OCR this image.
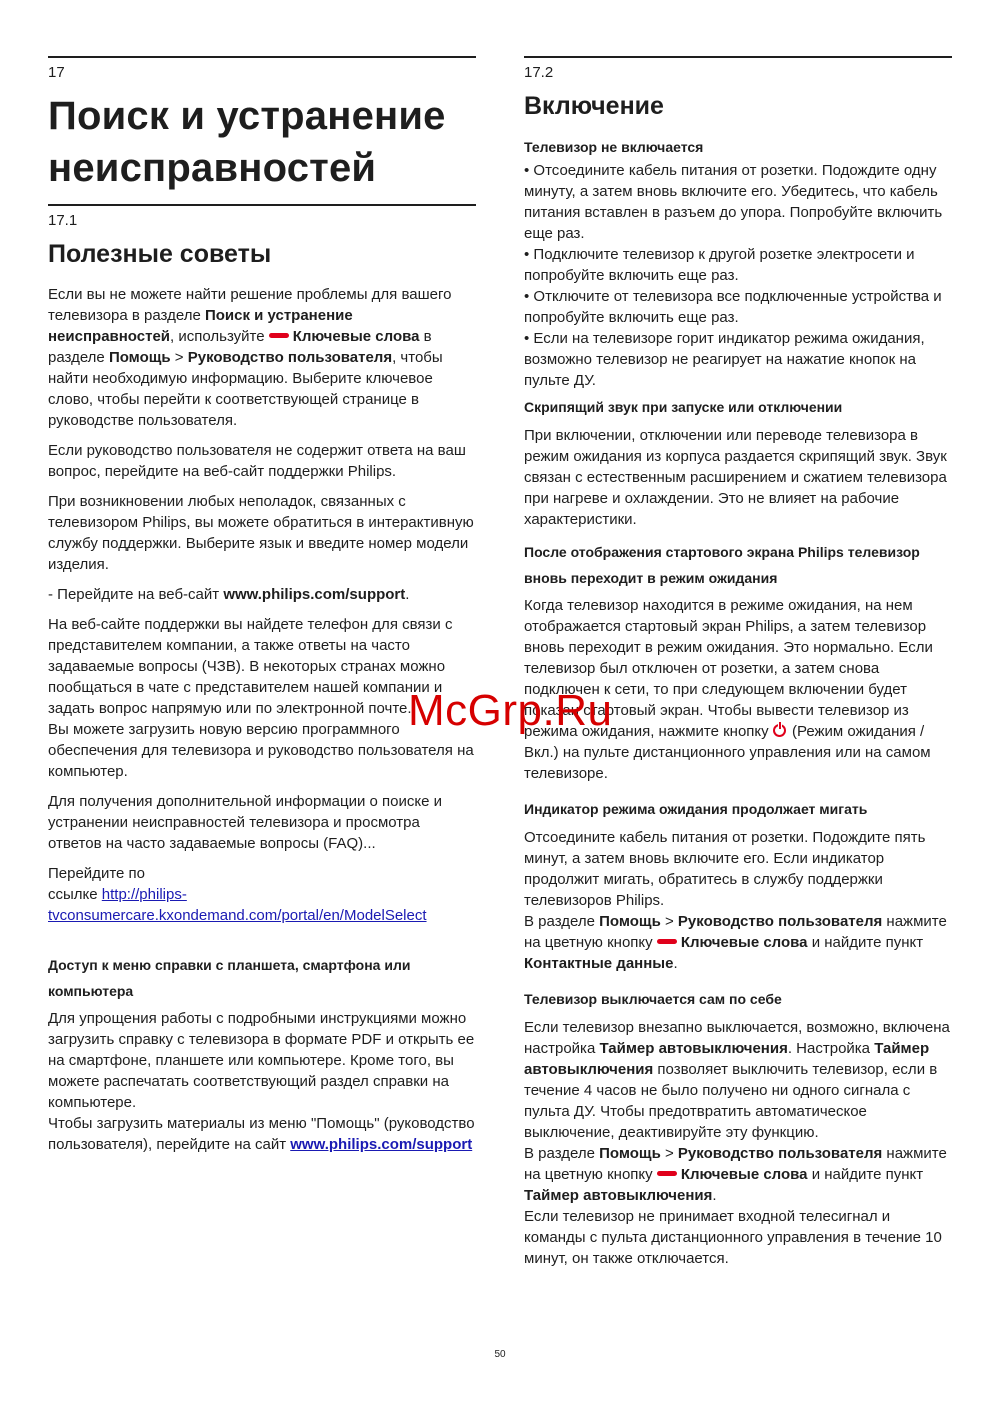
17
Поиск и устранение неисправностей
17.1
Полезные советы

Если вы не можете найти решение проблемы для вашего телевизора в разделе Поиск и устранение неисправностей, используйте Ключевые слова в разделе Помощь > Руководство пользователя, чтобы найти необходимую информацию. Выберите ключевое слово, чтобы перейти к соответствующей странице в руководстве пользователя.

Если руководство пользователя не содержит ответа на ваш вопрос, перейдите на веб-сайт поддержки Philips.

При возникновении любых неполадок, связанных с телевизором Philips, вы можете обратиться в интерактивную службу поддержки. Выберите язык и введите номер модели изделия.

- Перейдите на веб-сайт www.philips.com/support.

На веб-сайте поддержки вы найдете телефон для связи с представителем компании, а также ответы на часто задаваемые вопросы (ЧЗВ). В некоторых странах можно пообщаться в чате с представителем нашей компании и задать вопрос напрямую или по электронной почте.

Вы можете загрузить новую версию программного обеспечения для телевизора и руководство пользователя на компьютер.

Для получения дополнительной информации о поиске и устранении неисправностей телевизора и просмотра ответов на часто задаваемые вопросы (FAQ)...

Перейдите по
ссылке http://philips-tvconsumercare.kxondemand.com/portal/en/ModelSelect

Доступ к меню справки с планшета, смартфона или компьютера

Для упрощения работы с подробными инструкциями можно загрузить справку с телевизора в формате PDF и открыть ее на смартфоне, планшете или компьютере. Кроме того, вы можете распечатать соответствующий раздел справки на компьютере.

Чтобы загрузить материалы из меню "Помощь" (руководство пользователя), перейдите на сайт www.philips.com/support

17.2
Включение
Телевизор не включается

• Отсоедините кабель питания от розетки. Подождите одну минуту, а затем вновь включите его. Убедитесь, что кабель питания вставлен в разъем до упора. Попробуйте включить еще раз.

• Подключите телевизор к другой розетке электросети и попробуйте включить еще раз.

• Отключите от телевизора все подключенные устройства и попробуйте включить еще раз.

• Если на телевизоре горит индикатор режима ожидания, возможно телевизор не реагирует на нажатие кнопок на пульте ДУ.

Скрипящий звук при запуске или отключении

При включении, отключении или переводе телевизора в режим ожидания из корпуса раздается скрипящий звук. Звук связан с естественным расширением и сжатием телевизора при нагреве и охлаждении. Это не влияет на рабочие характеристики.

После отображения стартового экрана Philips телевизор вновь переходит в режим ожидания

Когда телевизор находится в режиме ожидания, на нем отображается стартовый экран Philips, а затем телевизор вновь переходит в режим ожидания. Это нормально. Если телевизор был отключен от розетки, а затем снова подключен к сети, то при следующем включении будет показан стартовый экран. Чтобы вывести телевизор из режима ожидания, нажмите кнопку  (Режим ожидания / Вкл.) на пульте дистанционного управления или на самом телевизоре.

Индикатор режима ожидания продолжает мигать

Отсоедините кабель питания от розетки. Подождите пять минут, а затем вновь включите его. Если индикатор продолжит мигать, обратитесь в службу поддержки телевизоров Philips.

В разделе Помощь > Руководство пользователя нажмите на цветную кнопку Ключевые слова и найдите пункт Контактные данные.

Телевизор выключается сам по себе

Если телевизор внезапно выключается, возможно, включена настройка Таймер автовыключения. Настройка Таймер автовыключения позволяет выключить телевизор, если в течение 4 часов не было получено ни одного сигнала с пульта ДУ. Чтобы предотвратить автоматическое выключение, деактивируйте эту функцию.

В разделе Помощь > Руководство пользователя нажмите на цветную кнопку Ключевые слова и найдите пункт Таймер автовыключения.

Если телевизор не принимает входной телесигнал и команды с пульта дистанционного управления в течение 10 минут, он также отключается.

McGrp.Ru
50
